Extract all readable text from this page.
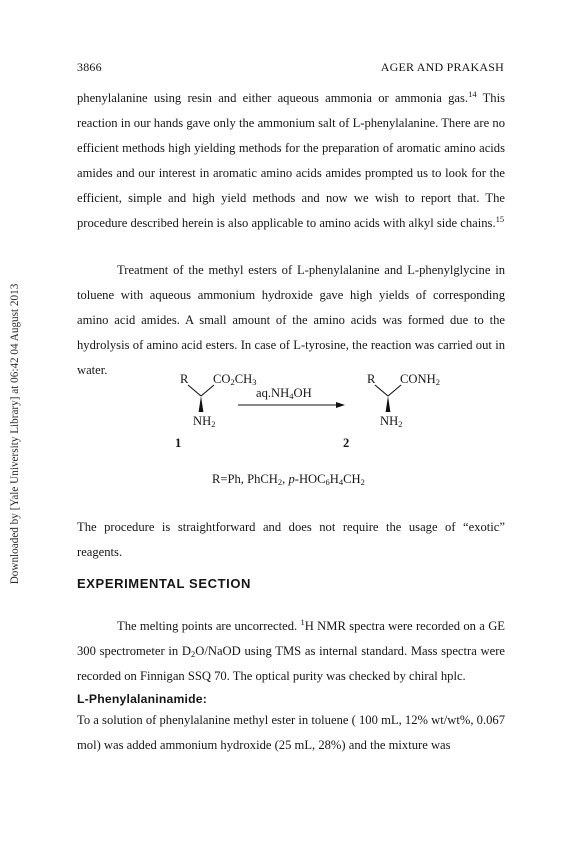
Downloaded by [Yale University Library] at 06:42 04 August 2013
3866	AGER AND PRAKASH
phenylalanine using resin and either aqueous ammonia or ammonia gas.$^{14}$ This reaction in our hands gave only the ammonium salt of L-phenylalanine. There are no efficient methods high yielding methods for the preparation of aromatic amino acids amides and our interest in aromatic amino acids amides prompted us to look for the efficient, simple and high yield methods and now we wish to report that. The procedure described herein is also applicable to amino acids with alkyl side chains.$^{15}$
Treatment of the methyl esters of L-phenylalanine and L-phenylglycine in toluene with aqueous ammonium hydroxide gave high yields of corresponding amino acid amides. A small amount of the amino acids was formed due to the hydrolysis of amino acid esters. In case of L-tyrosine, the reaction was carried out in water.
R $CO_2CH_3$
$aq.NH_4OH$
R $CONH_2$
$NH_2$	$NH_2$
1	2
R=Ph, PhCH$_2$, $p-HOC_6H_4CH_2$
The procedure is straightforward and does not require the usage of “exotic” reagents.
EXPERIMENTAL SECTION
The melting points are uncorrected. $^1$H NMR spectra were recorded on a GE 300 spectrometer in $D_2O$/NaOD using TMS as internal standard. Mass spectra were recorded on Finnigan SSQ 70. The optical purity was checked by chiral hplc.
L-Phenylalaninamide:
To a solution of phenylalanine methyl ester in toluene ( 100 mL, 12% wt/wt%, 0.067 mol) was added ammonium hydroxide (25 mL, 28%) and the mixture was
